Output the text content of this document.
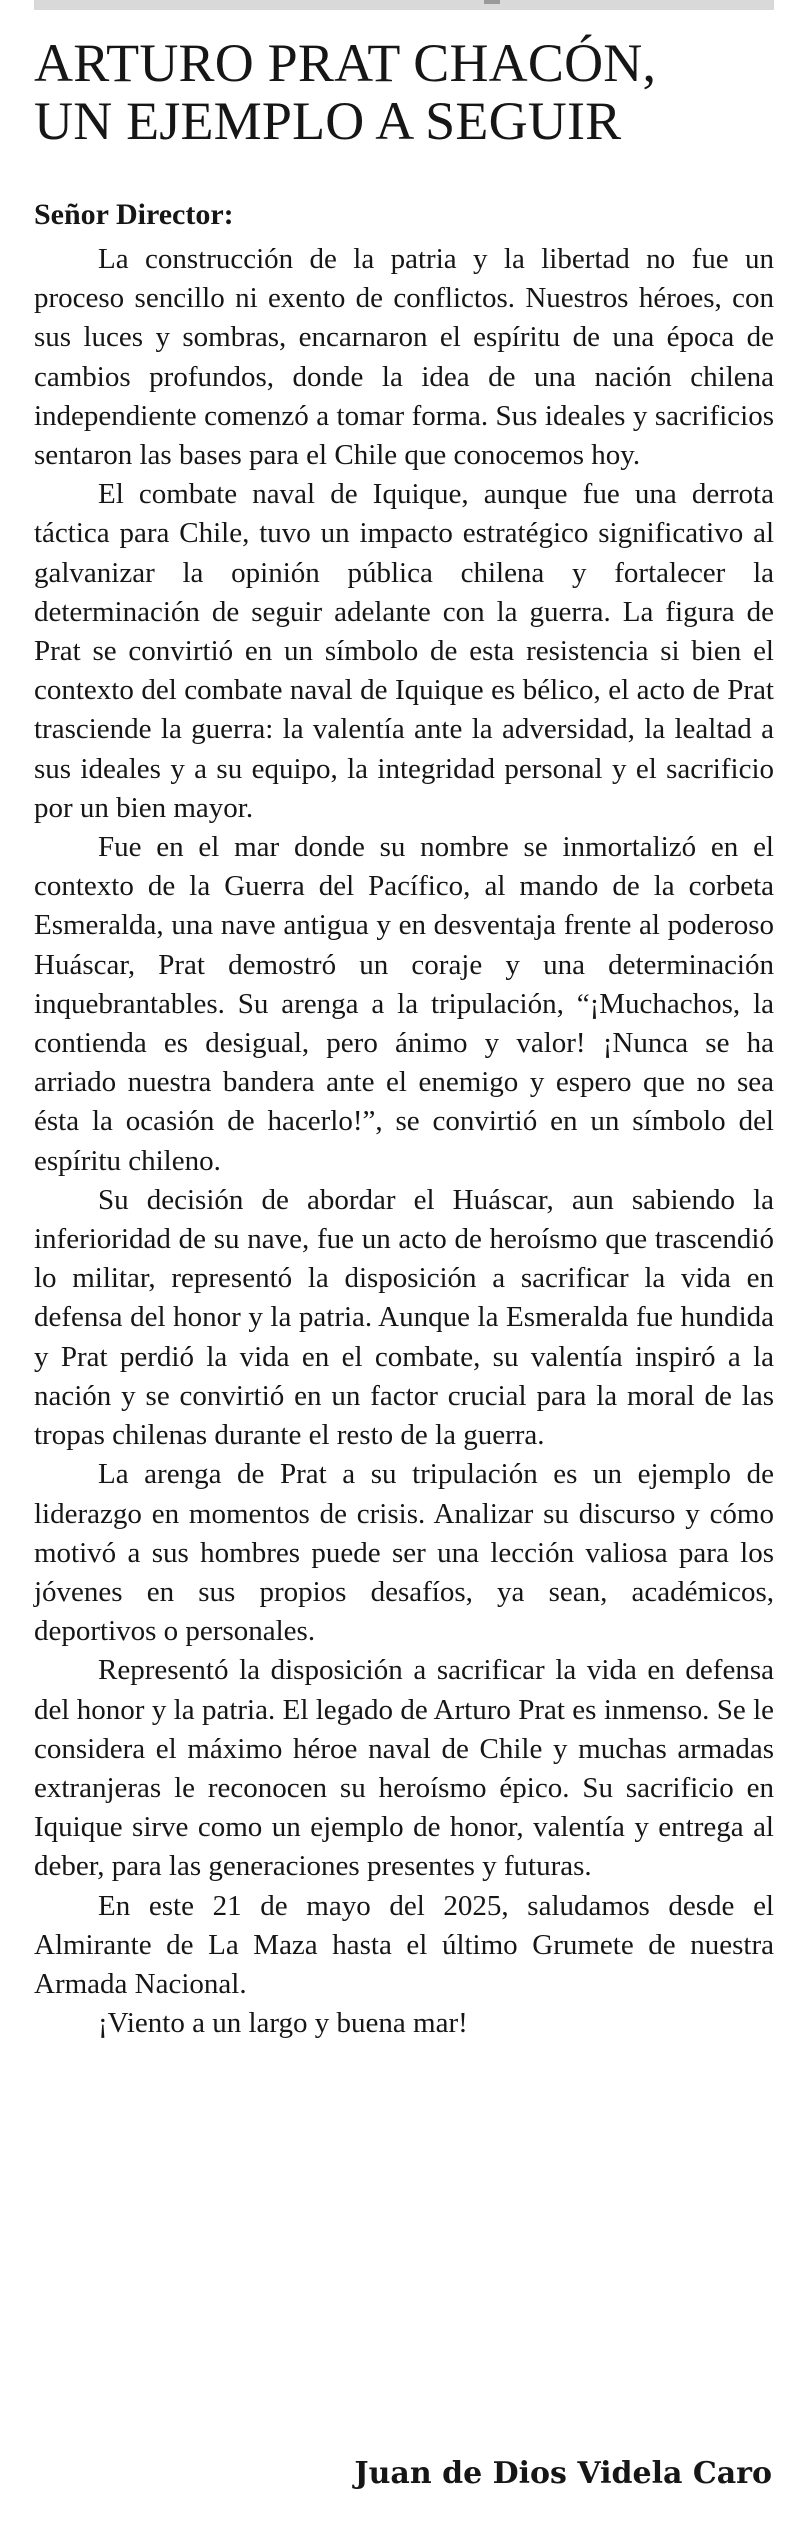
ARTURO PRAT CHACÓN,
UN EJEMPLO A SEGUIR
Señor Director:

La construcción de la patria y la libertad no fue un proceso sencillo ni exento de conflictos. Nuestros héroes, con sus luces y sombras, encarnaron el espíritu de una época de cambios profundos, donde la idea de una nación chilena independiente comenzó a tomar forma. Sus ideales y sacrificios sentaron las bases para el Chile que conocemos hoy.

El combate naval de Iquique, aunque fue una derrota táctica para Chile, tuvo un impacto estratégico significativo al galvanizar la opinión pública chilena y fortalecer la determinación de seguir adelante con la guerra. La figura de Prat se convirtió en un símbolo de esta resistencia si bien el contexto del combate naval de Iquique es bélico, el acto de Prat trasciende la guerra: la valentía ante la adversidad, la lealtad a sus ideales y a su equipo, la integridad personal y el sacrificio por un bien mayor.

Fue en el mar donde su nombre se inmortalizó en el contexto de la Guerra del Pacífico, al mando de la corbeta Esmeralda, una nave antigua y en desventaja frente al poderoso Huáscar, Prat demostró un coraje y una determinación inquebrantables. Su arenga a la tripulación, “¡Muchachos, la contienda es desigual, pero ánimo y valor! ¡Nunca se ha arriado nuestra bandera ante el enemigo y espero que no sea ésta la ocasión de hacerlo!”, se convirtió en un símbolo del espíritu chileno.

Su decisión de abordar el Huáscar, aun sabiendo la inferioridad de su nave, fue un acto de heroísmo que trascendió lo militar, representó la disposición a sacrificar la vida en defensa del honor y la patria. Aunque la Esmeralda fue hundida y Prat perdió la vida en el combate, su valentía inspiró a la nación y se convirtió en un factor crucial para la moral de las tropas chilenas durante el resto de la guerra.

La arenga de Prat a su tripulación es un ejemplo de liderazgo en momentos de crisis. Analizar su discurso y cómo motivó a sus hombres puede ser una lección valiosa para los jóvenes en sus propios desafíos, ya sean, académicos, deportivos o personales.

Representó la disposición a sacrificar la vida en defensa del honor y la patria. El legado de Arturo Prat es inmenso. Se le considera el máximo héroe naval de Chile y muchas armadas extranjeras le reconocen su heroísmo épico. Su sacrificio en Iquique sirve como un ejemplo de honor, valentía y entrega al deber, para las generaciones presentes y futuras.

En este 21 de mayo del 2025, saludamos desde el Almirante de La Maza hasta el último Grumete de nuestra Armada Nacional.

¡Viento a un largo y buena mar!

Juan de Dios Videla Caro
